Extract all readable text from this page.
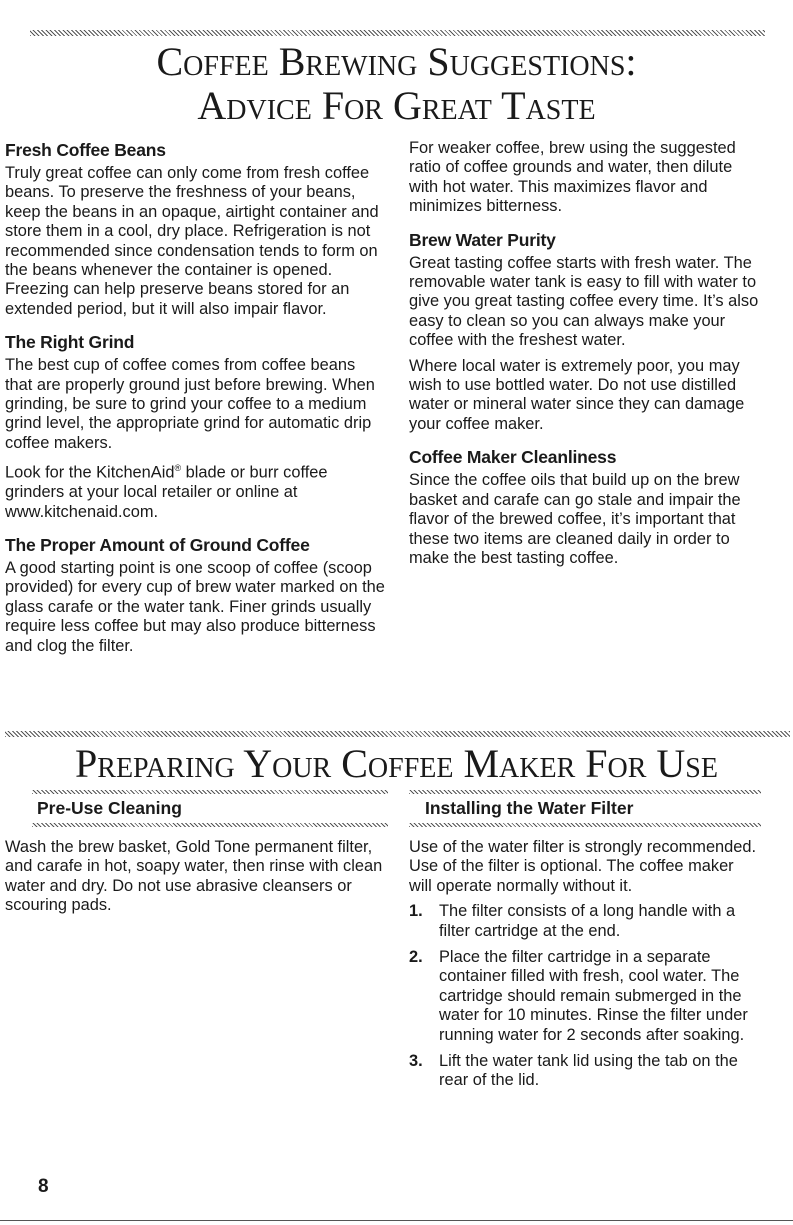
Coffee Brewing Suggestions:
Advice For Great Taste
Fresh Coffee Beans

Truly great coffee can only come from fresh coffee beans. To preserve the freshness of your beans, keep the beans in an opaque, airtight container and store them in a cool, dry place. Refrigeration is not recommended since condensation tends to form on the beans whenever the container is opened. Freezing can help preserve beans stored for an extended period, but it will also impair flavor.

The Right Grind

The best cup of coffee comes from coffee beans that are properly ground just before brewing. When grinding, be sure to grind your coffee to a medium grind level, the appropriate grind for automatic drip coffee makers.

Look for the KitchenAid® blade or burr coffee grinders at your local retailer or online at www.kitchenaid.com.

The Proper Amount of Ground Coffee

A good starting point is one scoop of coffee (scoop provided) for every cup of brew water marked on the glass carafe or the water tank. Finer grinds usually require less coffee but may also produce bitterness and clog the filter.

For weaker coffee, brew using the suggested ratio of coffee grounds and water, then dilute with hot water. This maximizes flavor and minimizes bitterness.

Brew Water Purity

Great tasting coffee starts with fresh water. The removable water tank is easy to fill with water to give you great tasting coffee every time. It’s also easy to clean so you can always make your coffee with the freshest water.

Where local water is extremely poor, you may wish to use bottled water. Do not use distilled water or mineral water since they can damage your coffee maker.

Coffee Maker Cleanliness

Since the coffee oils that build up on the brew basket and carafe can go stale and impair the flavor of the brewed coffee, it’s important that these two items are cleaned daily in order to make the best tasting coffee.

Preparing Your Coffee Maker For Use
Pre-Use Cleaning	Installing the Water Filter

Wash the brew basket, Gold Tone permanent filter, and carafe in hot, soapy water, then rinse with clean water and dry. Do not use abrasive cleansers or scouring pads.

Use of the water filter is strongly recommended. Use of the filter is optional. The coffee maker will operate normally without it.

1. The filter consists of a long handle with a filter cartridge at the end.
2. Place the filter cartridge in a separate container filled with fresh, cool water. The cartridge should remain submerged in the water for 10 minutes. Rinse the filter under running water for 2 seconds after soaking.
3. Lift the water tank lid using the tab on the rear of the lid.
8
